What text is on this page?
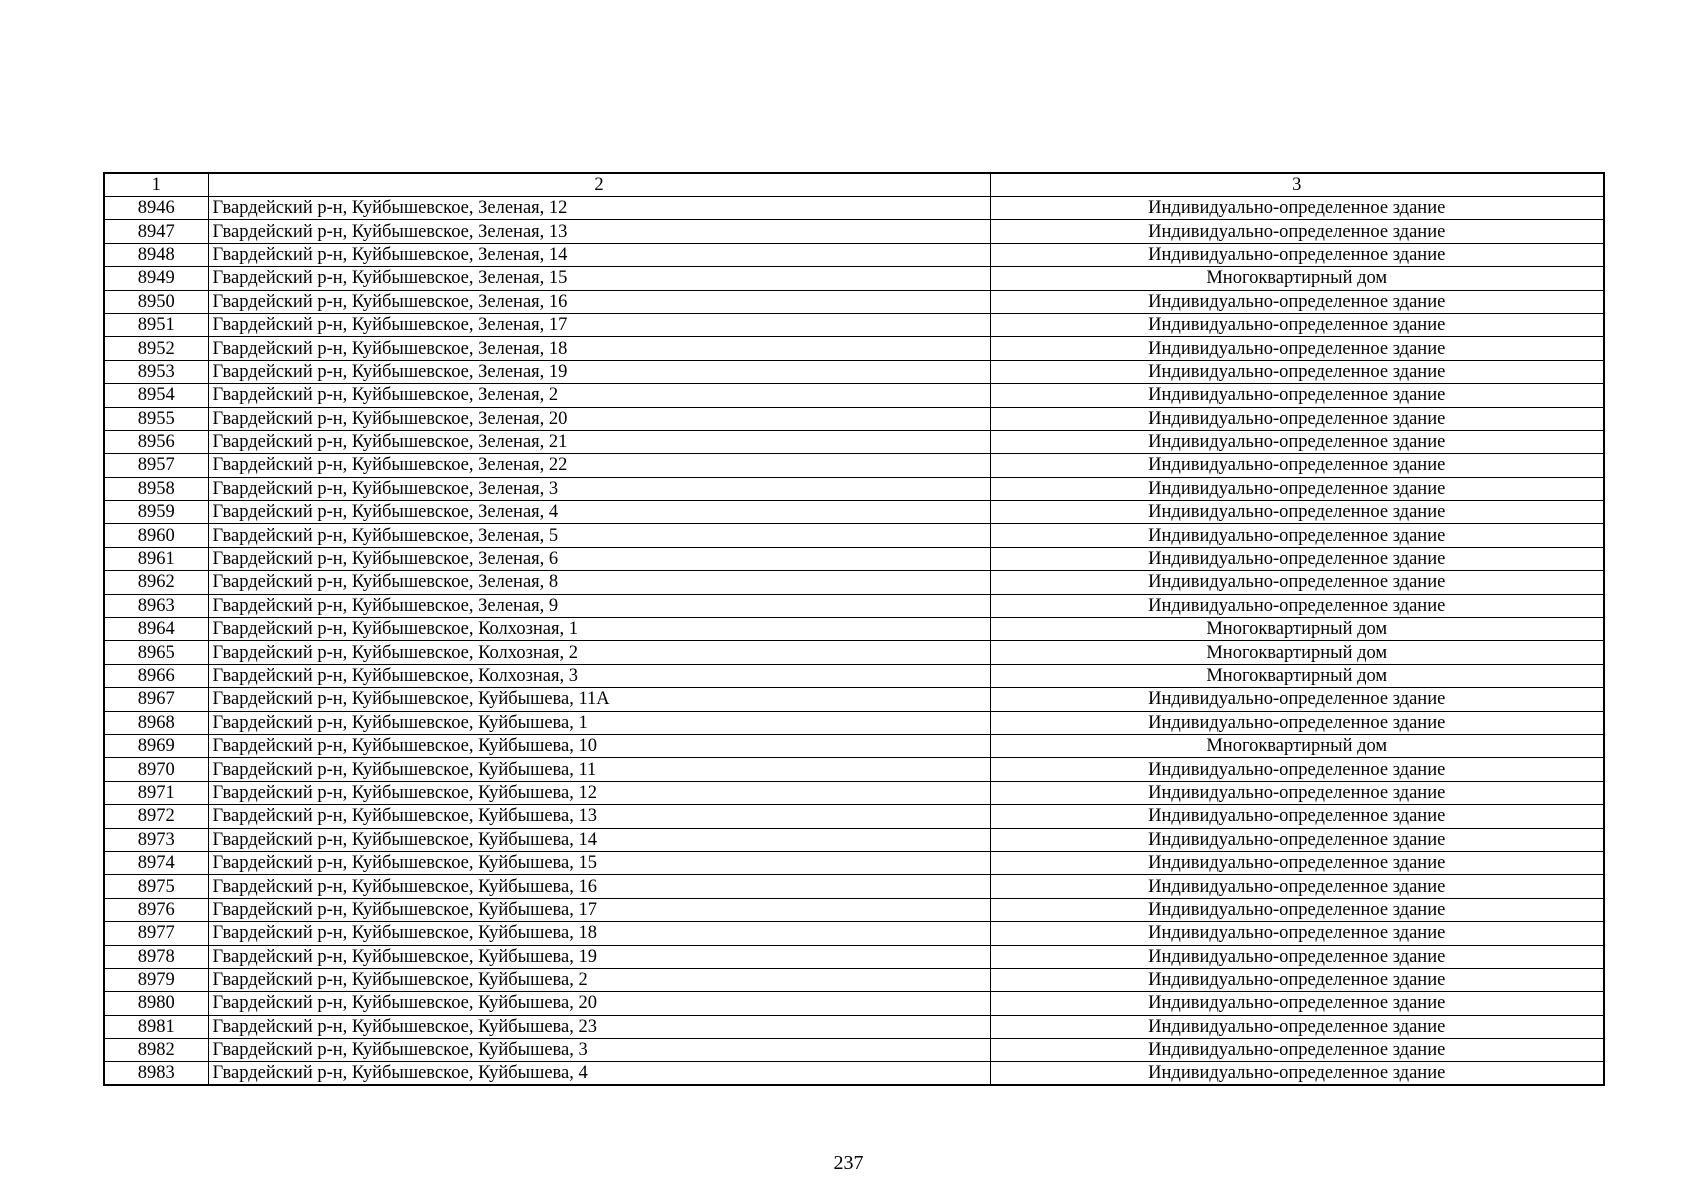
1	2	3
8946	Гвардейский р-н, Куйбышевское, Зеленая, 12	Индивидуально-определенное здание
8947	Гвардейский р-н, Куйбышевское, Зеленая, 13	Индивидуально-определенное здание
8948	Гвардейский р-н, Куйбышевское, Зеленая, 14	Индивидуально-определенное здание
8949	Гвардейский р-н, Куйбышевское, Зеленая, 15	Многоквартирный дом
8950	Гвардейский р-н, Куйбышевское, Зеленая, 16	Индивидуально-определенное здание
8951	Гвардейский р-н, Куйбышевское, Зеленая, 17	Индивидуально-определенное здание
8952	Гвардейский р-н, Куйбышевское, Зеленая, 18	Индивидуально-определенное здание
8953	Гвардейский р-н, Куйбышевское, Зеленая, 19	Индивидуально-определенное здание
8954	Гвардейский р-н, Куйбышевское, Зеленая, 2	Индивидуально-определенное здание
8955	Гвардейский р-н, Куйбышевское, Зеленая, 20	Индивидуально-определенное здание
8956	Гвардейский р-н, Куйбышевское, Зеленая, 21	Индивидуально-определенное здание
8957	Гвардейский р-н, Куйбышевское, Зеленая, 22	Индивидуально-определенное здание
8958	Гвардейский р-н, Куйбышевское, Зеленая, 3	Индивидуально-определенное здание
8959	Гвардейский р-н, Куйбышевское, Зеленая, 4	Индивидуально-определенное здание
8960	Гвардейский р-н, Куйбышевское, Зеленая, 5	Индивидуально-определенное здание
8961	Гвардейский р-н, Куйбышевское, Зеленая, 6	Индивидуально-определенное здание
8962	Гвардейский р-н, Куйбышевское, Зеленая, 8	Индивидуально-определенное здание
8963	Гвардейский р-н, Куйбышевское, Зеленая, 9	Индивидуально-определенное здание
8964	Гвардейский р-н, Куйбышевское, Колхозная, 1	Многоквартирный дом
8965	Гвардейский р-н, Куйбышевское, Колхозная, 2	Многоквартирный дом
8966	Гвардейский р-н, Куйбышевское, Колхозная, 3	Многоквартирный дом
8967	Гвардейский р-н, Куйбышевское, Куйбышева, 11А	Индивидуально-определенное здание
8968	Гвардейский р-н, Куйбышевское, Куйбышева, 1	Индивидуально-определенное здание
8969	Гвардейский р-н, Куйбышевское, Куйбышева, 10	Многоквартирный дом
8970	Гвардейский р-н, Куйбышевское, Куйбышева, 11	Индивидуально-определенное здание
8971	Гвардейский р-н, Куйбышевское, Куйбышева, 12	Индивидуально-определенное здание
8972	Гвардейский р-н, Куйбышевское, Куйбышева, 13	Индивидуально-определенное здание
8973	Гвардейский р-н, Куйбышевское, Куйбышева, 14	Индивидуально-определенное здание
8974	Гвардейский р-н, Куйбышевское, Куйбышева, 15	Индивидуально-определенное здание
8975	Гвардейский р-н, Куйбышевское, Куйбышева, 16	Индивидуально-определенное здание
8976	Гвардейский р-н, Куйбышевское, Куйбышева, 17	Индивидуально-определенное здание
8977	Гвардейский р-н, Куйбышевское, Куйбышева, 18	Индивидуально-определенное здание
8978	Гвардейский р-н, Куйбышевское, Куйбышева, 19	Индивидуально-определенное здание
8979	Гвардейский р-н, Куйбышевское, Куйбышева, 2	Индивидуально-определенное здание
8980	Гвардейский р-н, Куйбышевское, Куйбышева, 20	Индивидуально-определенное здание
8981	Гвардейский р-н, Куйбышевское, Куйбышева, 23	Индивидуально-определенное здание
8982	Гвардейский р-н, Куйбышевское, Куйбышева, 3	Индивидуально-определенное здание
8983	Гвардейский р-н, Куйбышевское, Куйбышева, 4	Индивидуально-определенное здание
237
